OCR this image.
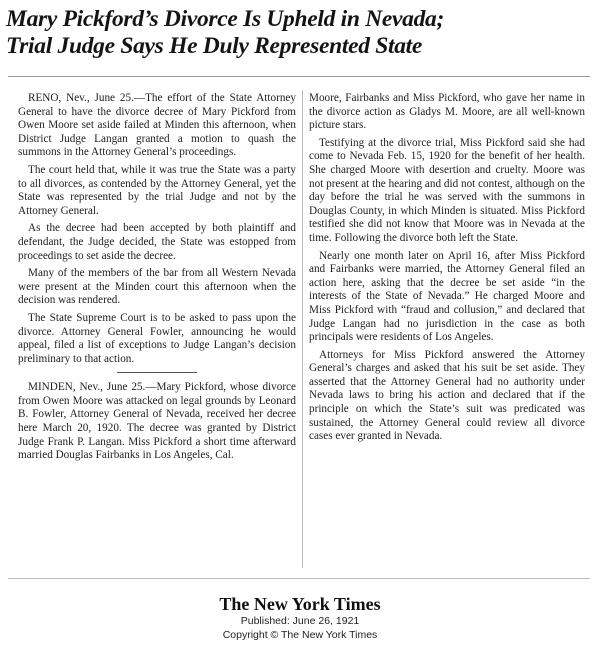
Mary Pickford’s Divorce Is Upheld in Nevada;
Trial Judge Says He Duly Represented State

RENO, Nev., June 25.—The effort of the State Attorney General to have the divorce decree of Mary Pickford from Owen Moore set aside failed at Minden this afternoon, when District Judge Langan granted a motion to quash the summons in the Attorney General’s proceedings.

The court held that, while it was true the State was a party to all divorces, as contended by the Attorney General, yet the State was represented by the trial Judge and not by the Attorney General.

As the decree had been accepted by both plaintiff and defendant, the Judge decided, the State was estopped from proceedings to set aside the decree.

Many of the members of the bar from all Western Nevada were present at the Minden court this afternoon when the decision was rendered.

The State Supreme Court is to be asked to pass upon the divorce. Attorney General Fowler, announcing he would appeal, filed a list of exceptions to Judge Langan’s decision preliminary to that action.

MINDEN, Nev., June 25.—Mary Pickford, whose divorce from Owen Moore was attacked on legal grounds by Leonard B. Fowler, Attorney General of Nevada, received her decree here March 20, 1920. The decree was granted by District Judge Frank P. Langan. Miss Pickford a short time afterward married Douglas Fairbanks in Los Angeles, Cal.

Moore, Fairbanks and Miss Pickford, who gave her name in the divorce action as Gladys M. Moore, are all well-known picture stars.

Testifying at the divorce trial, Miss Pickford said she had come to Nevada Feb. 15, 1920 for the benefit of her health. She charged Moore with desertion and cruelty. Moore was not present at the hearing and did not contest, although on the day before the trial he was served with the summons in Douglas County, in which Minden is situated. Miss Pickford testified she did not know that Moore was in Nevada at the time. Following the divorce both left the State.

Nearly one month later on April 16, after Miss Pickford and Fairbanks were married, the Attorney General filed an action here, asking that the decree be set aside “in the interests of the State of Nevada.” He charged Moore and Miss Pickford with “fraud and collusion,” and declared that Judge Langan had no jurisdiction in the case as both principals were residents of Los Angeles.

Attorneys for Miss Pickford answered the Attorney General’s charges and asked that his suit be set aside. They asserted that the Attorney General had no authority under Nevada laws to bring his action and declared that if the principle on which the State’s suit was predicated was sustained, the Attorney General could review all divorce cases ever granted in Nevada.

The New York Times
Published: June 26, 1921
Copyright © The New York Times
